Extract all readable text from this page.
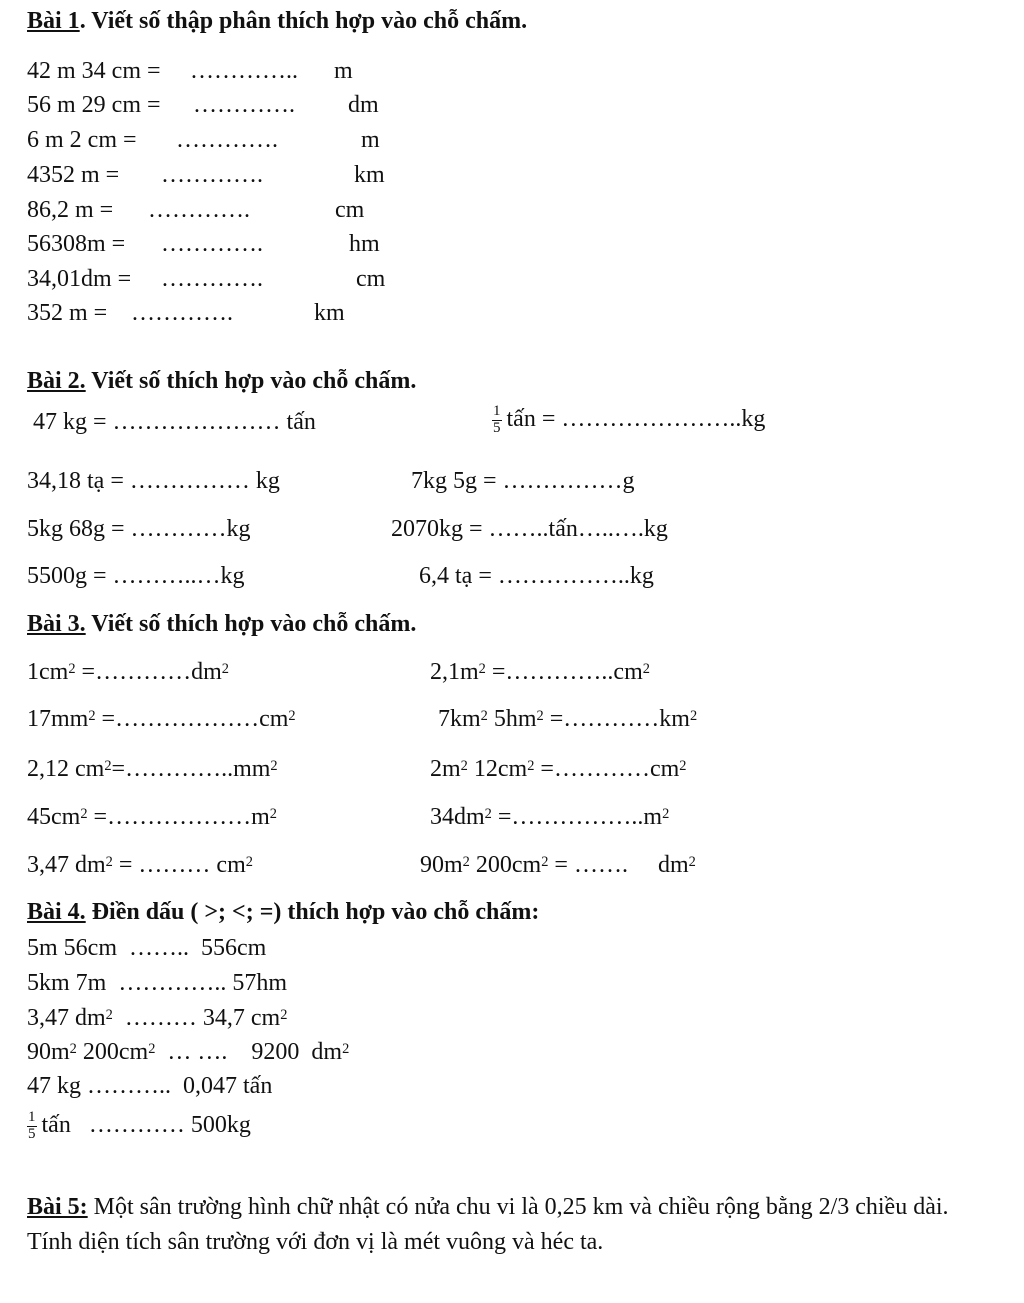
Bài 1. Viết số thập phân thích hợp vào chỗ chấm.
42 m 34 cm = ………….. m
56 m 29 cm = …………. dm
6 m 2 cm = ………….	m
4352 m = ………….	km
86,2 m = ………….	cm
56308m = ………….	hm
34,01dm = ………….	cm
352 m = ………….	km
Bài 2. Viết số thích hợp vào chỗ chấm.
47 kg = ………………… tấn	$\frac{1}{5}$ tấn = …………………..kg
34,18 tạ = …………… kg	7kg 5g = ……………g
5kg 68g = …………kg	2070kg = ……..tấn…..….kg
5500g = ………..…kg	6,4 tạ = ……………..kg
Bài 3. Viết số thích hợp vào chỗ chấm.
$1cm^2$ $=\dots\dots\dots\dots dm^2$	$2,1m^2$ $=\dots\dots\dots\dots..cm^2$
$17mm^2$ $=\dots\dots\dots\dots\dots\dots cm^2$	$7km^2$ $5hm^2$ $=\dots\dots\dots\dots km^2$
2,12 $cm^2=\dots\dots\dots\dots..mm^2$	$2m^2$ $12cm^2$ $=\dots\dots\dots\dots cm^2$
$45cm^2$ $=\dots\dots\dots\dots\dots\dots m^2$	$34dm^2$ $=\dots\dots\dots\dots\dots..m^2$
3,47 $dm^2$ = ……… $cm^2$	$90m^2$ $200cm^2$ = …….     $dm^2$
Bài 4. Điền dấu ( >; <; =) thích hợp vào chỗ chấm:
5m 56cm  ……..  556cm
5km 7m  ………….. 57hm
3,47 $dm^2$  ……… 34,7 $cm^2$
$90m^2$ $200cm^2$  … ….    9200  $dm^2$
47 kg ………..  0,047 tấn
$\frac{1}{5}$ tấn   ………… 500kg
Bài 5: Một sân trường hình chữ nhật có nửa chu vi là 0,25 km và chiều rộng bằng 2/3 chiều dài. Tính diện tích sân trường với đơn vị là mét vuông và héc ta.
